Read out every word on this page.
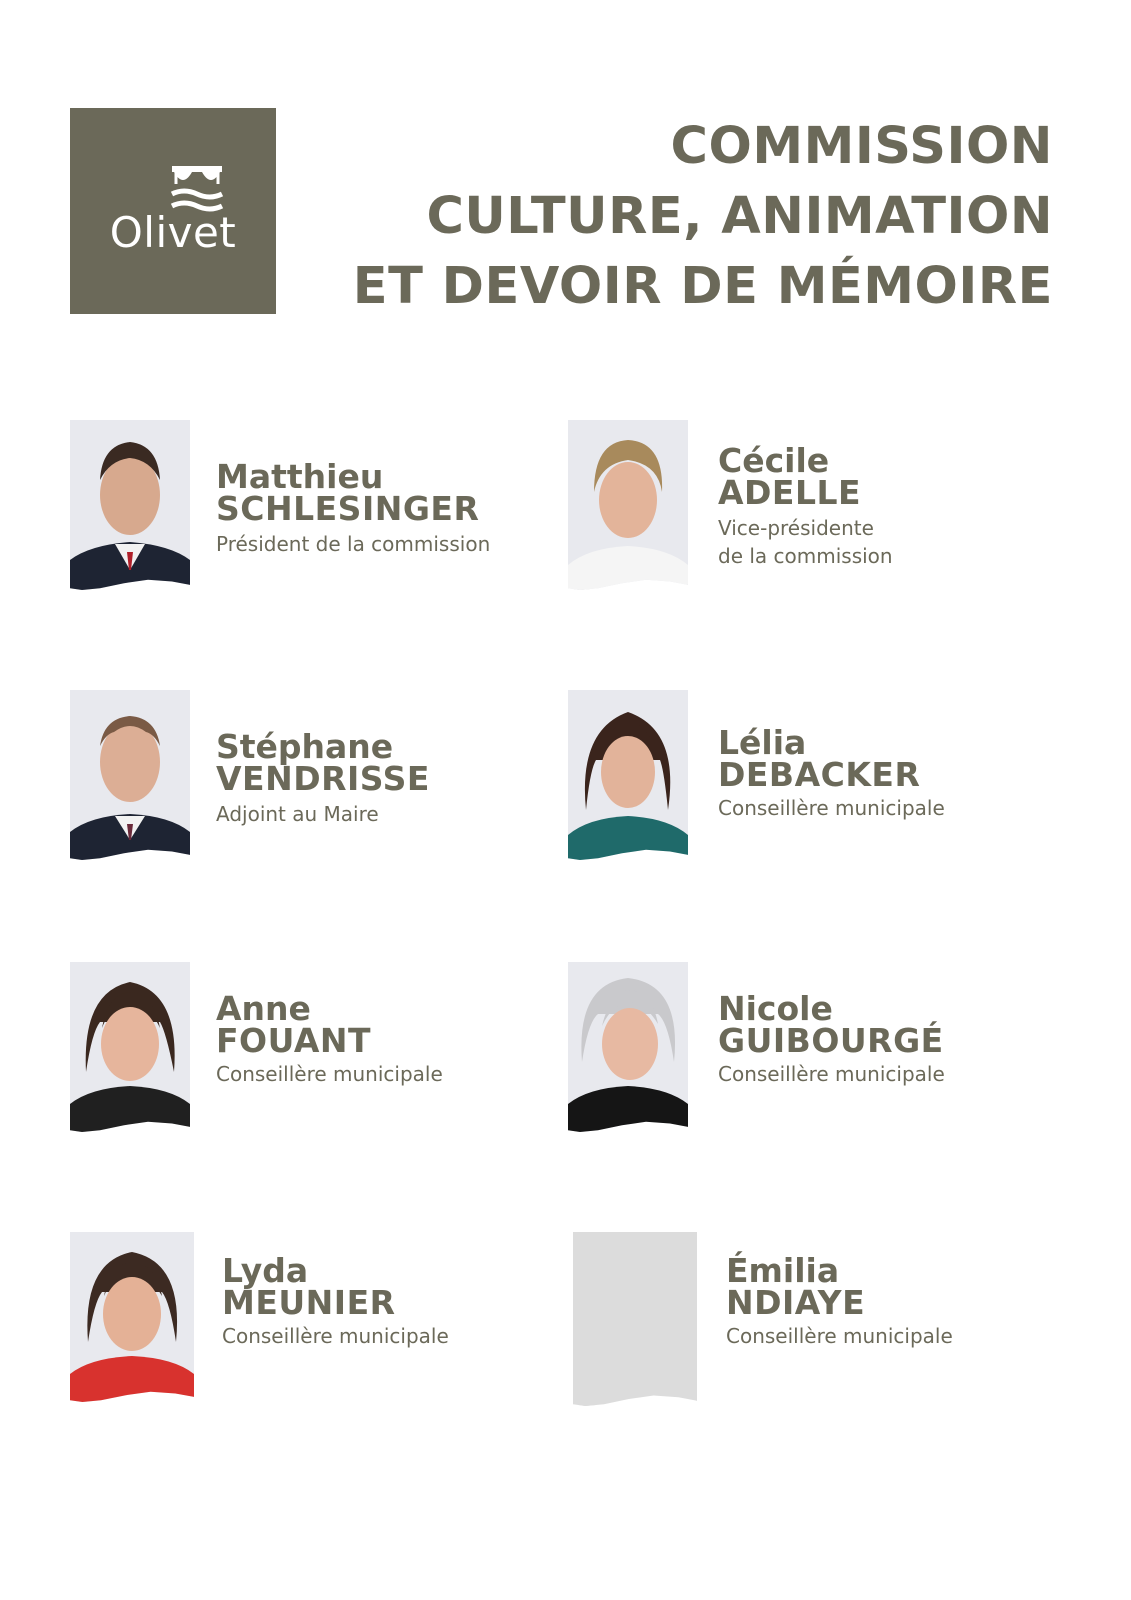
Olivet
COMMISSION
CULTURE, ANIMATION
ET DEVOIR DE MÉMOIRE
Matthieu
SCHLESINGER
Président de la commission
Cécile
ADELLE
Vice-présidente
de la commission
Stéphane
VENDRISSE
Adjoint au Maire
Lélia
DEBACKER
Conseillère municipale
Anne
FOUANT
Conseillère municipale
Nicole
GUIBOURGÉ
Conseillère municipale
Lyda
MEUNIER
Conseillère municipale
Émilia
NDIAYE
Conseillère municipale
